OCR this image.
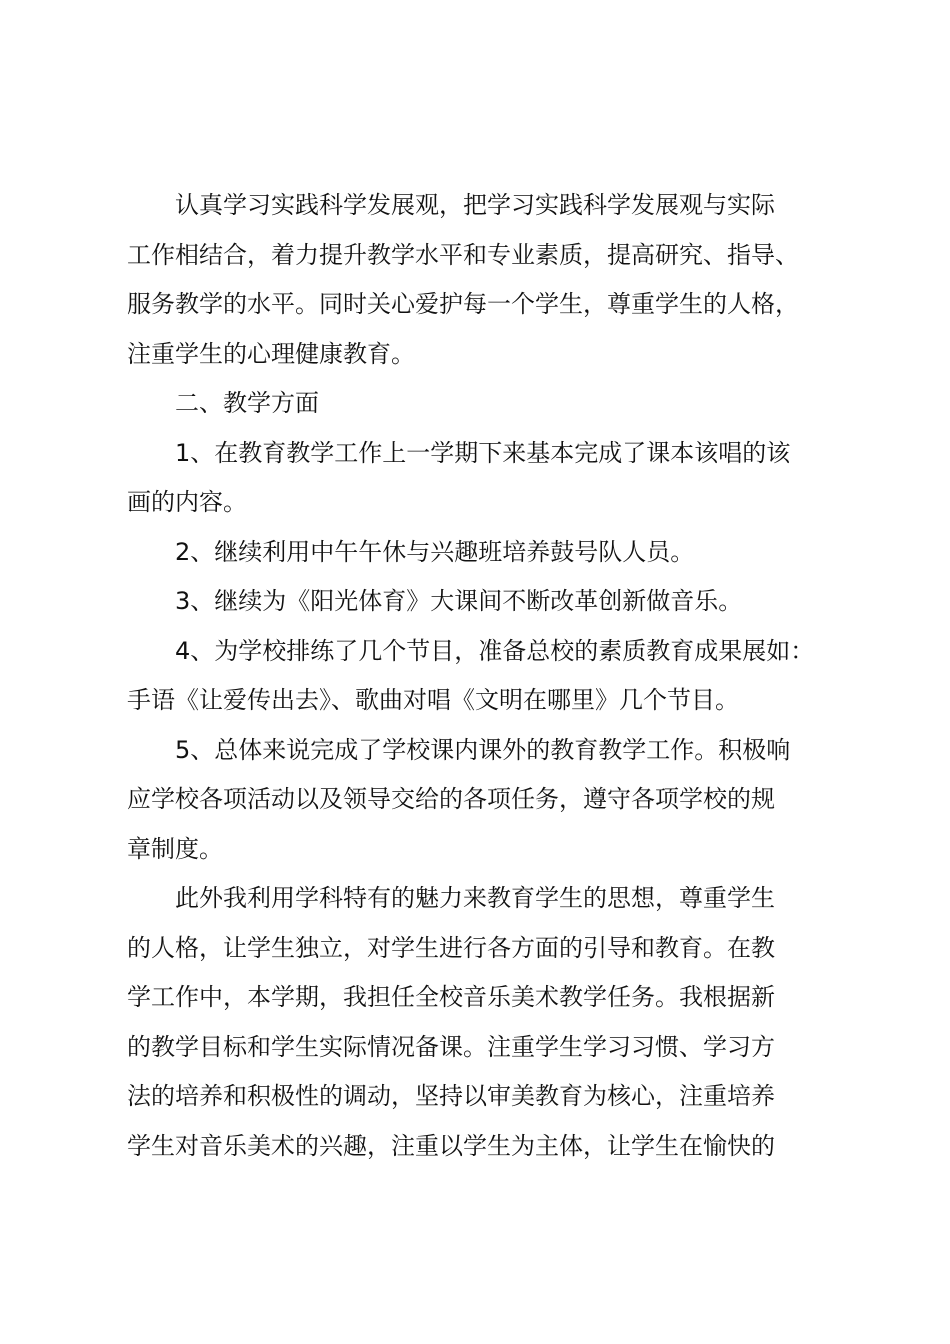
认真学习实践科学发展观，把学习实践科学发展观与实际
工作相结合，着力提升教学水平和专业素质，提高研究、指导、
服务教学的水平。同时关心爱护每一个学生，尊重学生的人格，
注重学生的心理健康教育。
二、教学方面
1、在教育教学工作上一学期下来基本完成了课本该唱的该
画的内容。
2、继续利用中午午休与兴趣班培养鼓号队人员。
3、继续为《阳光体育》大课间不断改革创新做音乐。
4、为学校排练了几个节目，准备总校的素质教育成果展如：
手语《让爱传出去》、歌曲对唱《文明在哪里》几个节目。
5、总体来说完成了学校课内课外的教育教学工作。积极响
应学校各项活动以及领导交给的各项任务，遵守各项学校的规
章制度。
此外我利用学科特有的魅力来教育学生的思想，尊重学生
的人格，让学生独立，对学生进行各方面的引导和教育。在教
学工作中，本学期，我担任全校音乐美术教学任务。我根据新
的教学目标和学生实际情况备课。注重学生学习习惯、学习方
法的培养和积极性的调动，坚持以审美教育为核心，注重培养
学生对音乐美术的兴趣，注重以学生为主体，让学生在愉快的
